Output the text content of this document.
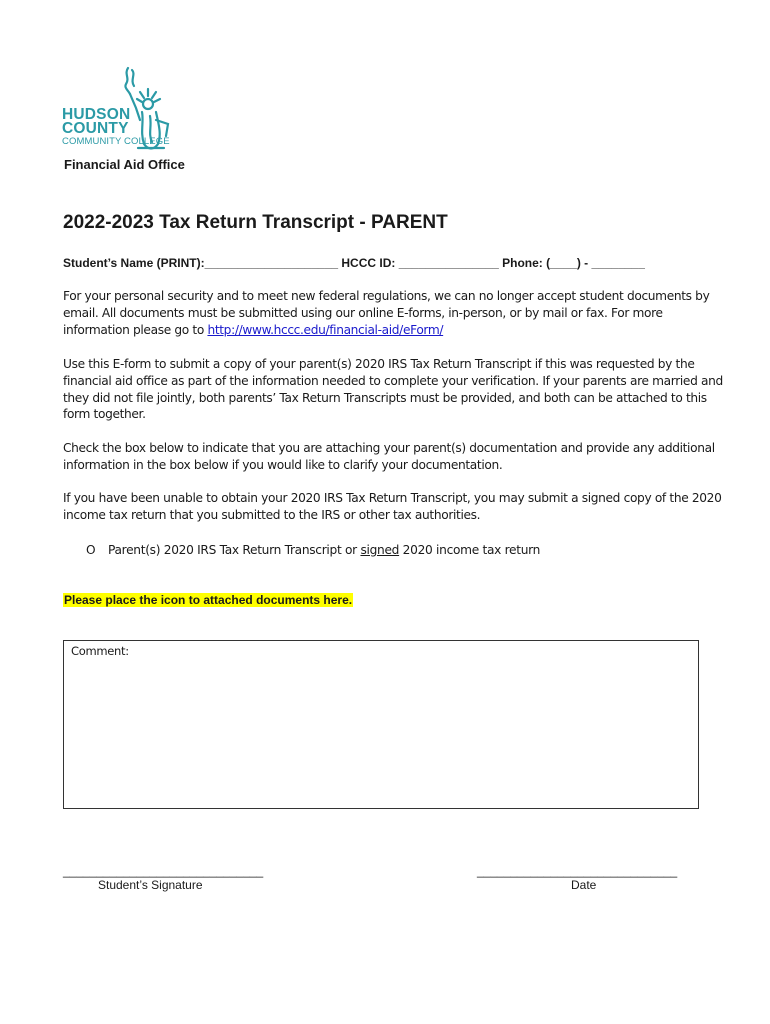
HUDSON
COUNTY
COMMUNITY COLLEGE
Financial Aid Office
2022-2023 Tax Return Transcript - PARENT
Student’s Name (PRINT):____________________ HCCC ID: _______________ Phone: (____) - ________
For your personal security and to meet new federal regulations, we can no longer accept student documents by email. All documents must be submitted using our online E-forms, in-person, or by mail or fax. For more information please go to http://www.hccc.edu/financial-aid/eForm/
Use this E-form to submit a copy of your parent(s) 2020 IRS Tax Return Transcript if this was requested by the financial aid office as part of the information needed to complete your verification. If your parents are married and they did not file jointly, both parents’ Tax Return Transcripts must be provided, and both can be attached to this form together.
Check the box below to indicate that you are attaching your parent(s) documentation and provide any additional information in the box below if you would like to clarify your documentation.
If you have been unable to obtain your 2020 IRS Tax Return Transcript, you may submit a signed copy of the 2020 income tax return that you submitted to the IRS or other tax authorities.
O Parent(s) 2020 IRS Tax Return Transcript or signed 2020 income tax return
Please place the icon to attached documents here.
Comment:
______________________________
Student’s Signature
______________________________
Date
